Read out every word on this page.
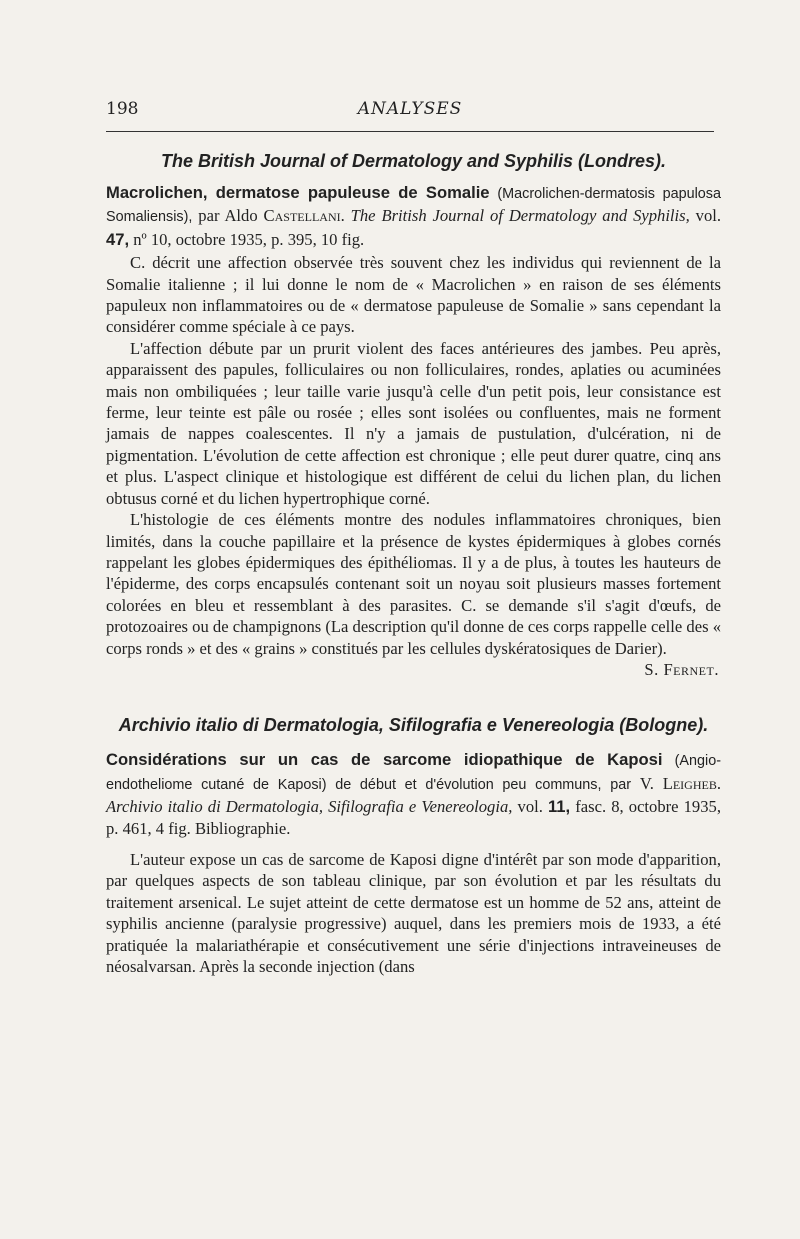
198	ANALYSES
The British Journal of Dermatology and Syphilis (Londres).

Macrolichen, dermatose papuleuse de Somalie (Macrolichen-dermatosis papulosa Somaliensis), par Aldo Castellani. The British Journal of Dermatology and Syphilis, vol. 47, nº 10, octobre 1935, p. 395, 10 fig.

C. décrit une affection observée très souvent chez les individus qui reviennent de la Somalie italienne ; il lui donne le nom de « Macrolichen » en raison de ses éléments papuleux non inflammatoires ou de « dermatose papuleuse de Somalie » sans cependant la considérer comme spéciale à ce pays.

L'affection débute par un prurit violent des faces antérieures des jambes. Peu après, apparaissent des papules, folliculaires ou non folliculaires, rondes, aplaties ou acuminées mais non ombiliquées ; leur taille varie jusqu'à celle d'un petit pois, leur consistance est ferme, leur teinte est pâle ou rosée ; elles sont isolées ou confluentes, mais ne forment jamais de nappes coalescentes. Il n'y a jamais de pustulation, d'ulcération, ni de pigmentation. L'évolution de cette affection est chronique ; elle peut durer quatre, cinq ans et plus. L'aspect clinique et histologique est différent de celui du lichen plan, du lichen obtusus corné et du lichen hypertrophique corné.

L'histologie de ces éléments montre des nodules inflammatoires chroniques, bien limités, dans la couche papillaire et la présence de kystes épidermiques à globes cornés rappelant les globes épidermiques des épithéliomas. Il y a de plus, à toutes les hauteurs de l'épiderme, des corps encapsulés contenant soit un noyau soit plusieurs masses fortement colorées en bleu et ressemblant à des parasites. C. se demande s'il s'agit d'œufs, de protozoaires ou de champignons (La description qu'il donne de ces corps rappelle celle des « corps ronds » et des « grains » constitués par les cellules dyskératosiques de Darier).

S. Fernet.

Archivio italio di Dermatologia, Sifilografia e Venereologia (Bologne).

Considérations sur un cas de sarcome idiopathique de Kaposi (Angio-endotheliome cutané de Kaposi) de début et d'évolution peu communs, par V. Leigheb. Archivio italio di Dermatologia, Sifilografia e Venereologia, vol. 11, fasc. 8, octobre 1935, p. 461, 4 fig. Bibliographie.

L'auteur expose un cas de sarcome de Kaposi digne d'intérêt par son mode d'apparition, par quelques aspects de son tableau clinique, par son évolution et par les résultats du traitement arsenical. Le sujet atteint de cette dermatose est un homme de 52 ans, atteint de syphilis ancienne (paralysie progressive) auquel, dans les premiers mois de 1933, a été pratiquée la malariathérapie et consécutivement une série d'injections intraveineuses de néosalvarsan. Après la seconde injection (dans
